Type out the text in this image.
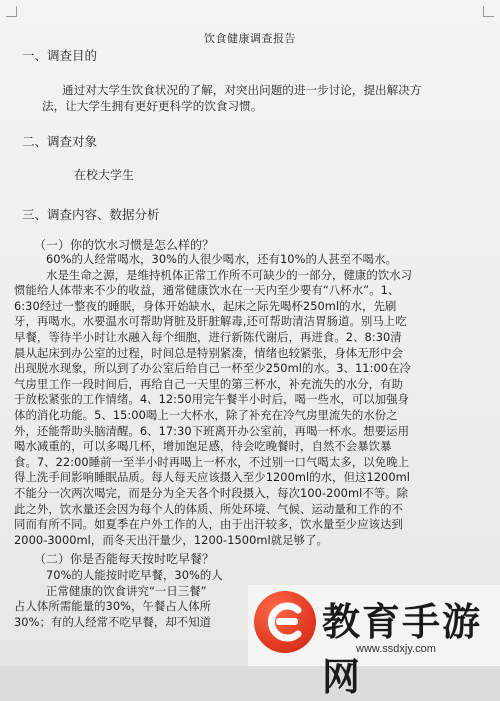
饮食健康调查报告
一、调查目的
通过对大学生饮食状况的了解，对突出问题的进一步讨论，提出解决方
法，让大学生拥有更好更科学的饮食习惯。
二、调查对象
在校大学生
三、调查内容、数据分析
（一）你的饮水习惯是怎么样的？
60%的人经常喝水，30%的人很少喝水，还有10%的人甚至不喝水。
水是生命之源，是维持机体正常工作所不可缺少的一部分，健康的饮水习
惯能给人体带来不少的收益，通常健康饮水在一天内至少要有“八杯水”。1、
6:30经过一整夜的睡眠，身体开始缺水，起床之际先喝杯250ml的水，先刷
牙，再喝水。水要温水可帮助肾脏及肝脏解毒,还可帮助清洁胃肠道。别马上吃
早餐，等待半小时让水融入每个细胞，进行新陈代谢后，再进食。2、8:30清
晨从起床到办公室的过程，时间总是特别紧凑，情绪也较紧张，身体无形中会
出现脱水现象，所以到了办公室后给自己一杯至少250ml的水。3、11:00在冷
气房里工作一段时间后，再给自己一天里的第三杯水，补充流失的水分，有助
于放松紧张的工作情绪。4、12:50用完午餐半小时后，喝一些水，可以加强身
体的消化功能。5、15:00喝上一大杯水，除了补充在冷气房里流失的水份之
外，还能帮助头脑清醒。6、17:30下班离开办公室前，再喝一杯水。想要运用
喝水减重的，可以多喝几杯，增加饱足感，待会吃晚餐时，自然不会暴饮暴
食。7、22:00睡前一至半小时再喝上一杯水，不过别一口气喝太多，以免晚上
得上洗手间影响睡眠品质。每人每天应该摄入至少1200ml的水，但这1200ml
不能分一次两次喝完，而是分为全天各个时段摄入，每次100-200ml不等。除
此之外，饮水量还会因为每个人的体质、所处环境、气候、运动量和工作的不
同而有所不同。如夏季在户外工作的人，由于出汗较多，饮水量至少应该达到
2000-3000ml，而冬天出汗量少，1200-1500ml就足够了。
（二）你是否能每天按时吃早餐？
70%的人能按时吃早餐，30%的人
正常健康的饮食讲究“一日三餐”
占人体所需能量的30%，午餐占人体所
30%；有的人经常不吃早餐，却不知道	教育手游网
www.ssdxjy.com
